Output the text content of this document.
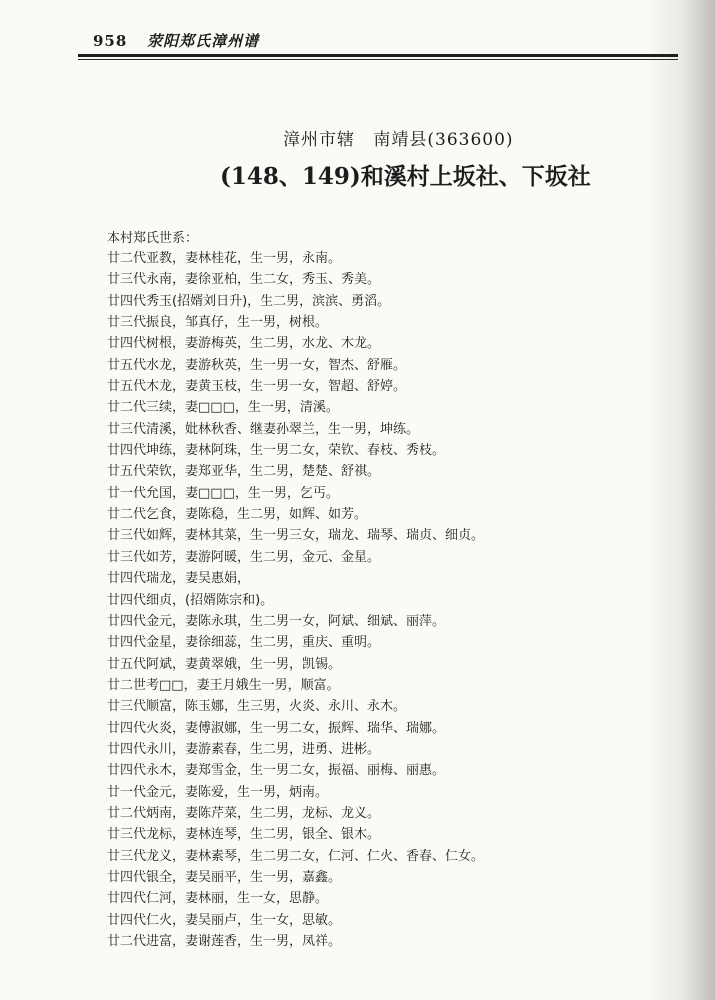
958 荥阳郑氏漳州谱
漳州市辖 南靖县(363600)
(148、149)和溪村上坂社、下坂社
本村郑氏世系：
廿二代亚教，妻林桂花，生一男，永南。
廿三代永南，妻徐亚柏，生二女，秀玉、秀美。
廿四代秀玉(招婿刘日升)，生二男，滨滨、勇滔。
廿三代振良，邹真仔，生一男，树根。
廿四代树根，妻游梅英，生二男，水龙、木龙。
廿五代水龙，妻游秋英，生一男一女，智杰、舒雁。
廿五代木龙，妻黄玉枝，生一男一女，智超、舒婷。
廿二代三续，妻□□□，生一男，清溪。
廿三代清溪，妣林秋香、继妻孙翠兰，生一男，坤练。
廿四代坤练，妻林阿珠，生一男二女，荣钦、春枝、秀枝。
廿五代荣钦，妻郑亚华，生二男，楚楚、舒祺。
廿一代允国，妻□□□，生一男，乞丐。
廿二代乞食，妻陈稳，生二男，如辉、如芳。
廿三代如辉，妻林其菜，生一男三女，瑞龙、瑞琴、瑞贞、细贞。
廿三代如芳，妻游阿暖，生二男，金元、金星。
廿四代瑞龙，妻吴惠娟，
廿四代细贞，(招婿陈宗和)。
廿四代金元，妻陈永琪，生二男一女，阿斌、细斌、丽萍。
廿四代金星，妻徐细蕊，生二男，重庆、重明。
廿五代阿斌，妻黄翠娥，生一男，凯锡。
廿二世考□□，妻王月娥生一男，顺富。
廿三代顺富，陈玉娜，生三男，火炎、永川、永木。
廿四代火炎，妻傅淑娜，生一男二女，振辉、瑞华、瑞娜。
廿四代永川，妻游素春，生二男，进勇、进彬。
廿四代永木，妻郑雪金，生一男二女，振福、丽梅、丽惠。
廿一代金元，妻陈爱，生一男，炳南。
廿二代炳南，妻陈芹菜，生二男，龙标、龙义。
廿三代龙标，妻林连琴，生二男，银全、银木。
廿三代龙义，妻林素琴，生二男二女，仁河、仁火、香春、仁女。
廿四代银全，妻吴丽平，生一男，嘉鑫。
廿四代仁河，妻林丽，生一女，思静。
廿四代仁火，妻吴丽卢，生一女，思敏。
廿二代进富，妻谢莲香，生一男，凤祥。
